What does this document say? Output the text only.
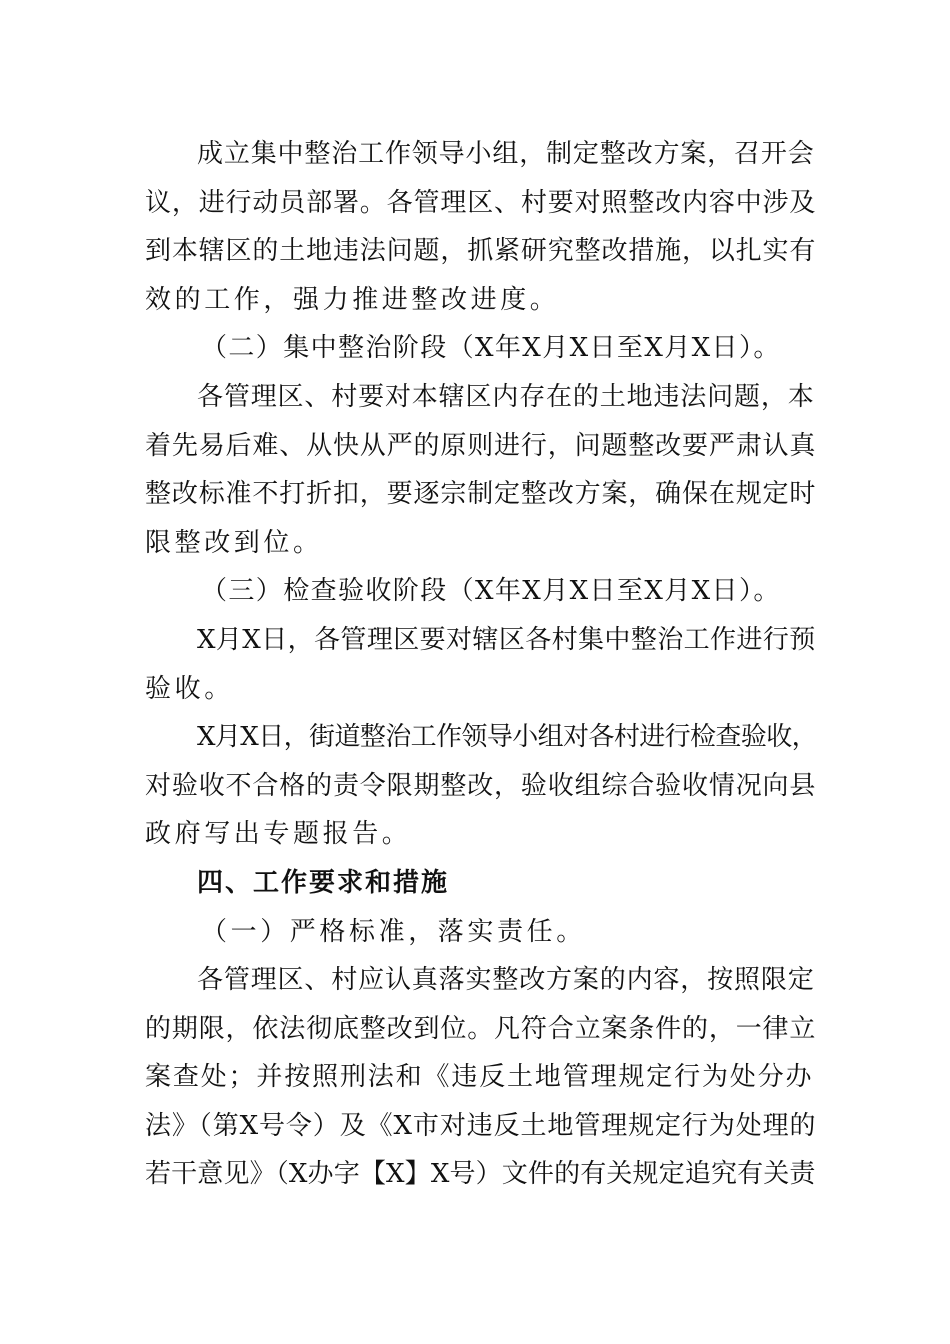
成立集中整治工作领导小组，制定整改方案，召开会
议，进行动员部署。各管理区、村要对照整改内容中涉及
到本辖区的土地违法问题，抓紧研究整改措施，以扎实有
效的工作，强力推进整改进度。
（二）集中整治阶段（X年X月X日至X月X日）。
各管理区、村要对本辖区内存在的土地违法问题，本
着先易后难、从快从严的原则进行，问题整改要严肃认真
整改标准不打折扣，要逐宗制定整改方案，确保在规定时
限整改到位。
（三）检查验收阶段（X年X月X日至X月X日）。
X月X日，各管理区要对辖区各村集中整治工作进行预
验收。
X月X日，街道整治工作领导小组对各村进行检查验收，
对验收不合格的责令限期整改，验收组综合验收情况向县
政府写出专题报告。
四、工作要求和措施
（一）严格标准，落实责任。
各管理区、村应认真落实整改方案的内容，按照限定
的期限，依法彻底整改到位。凡符合立案条件的，一律立
案查处；并按照刑法和《违反土地管理规定行为处分办
法》（第X号令）及《X市对违反土地管理规定行为处理的
若干意见》（X办字【X】X号）文件的有关规定追究有关责
